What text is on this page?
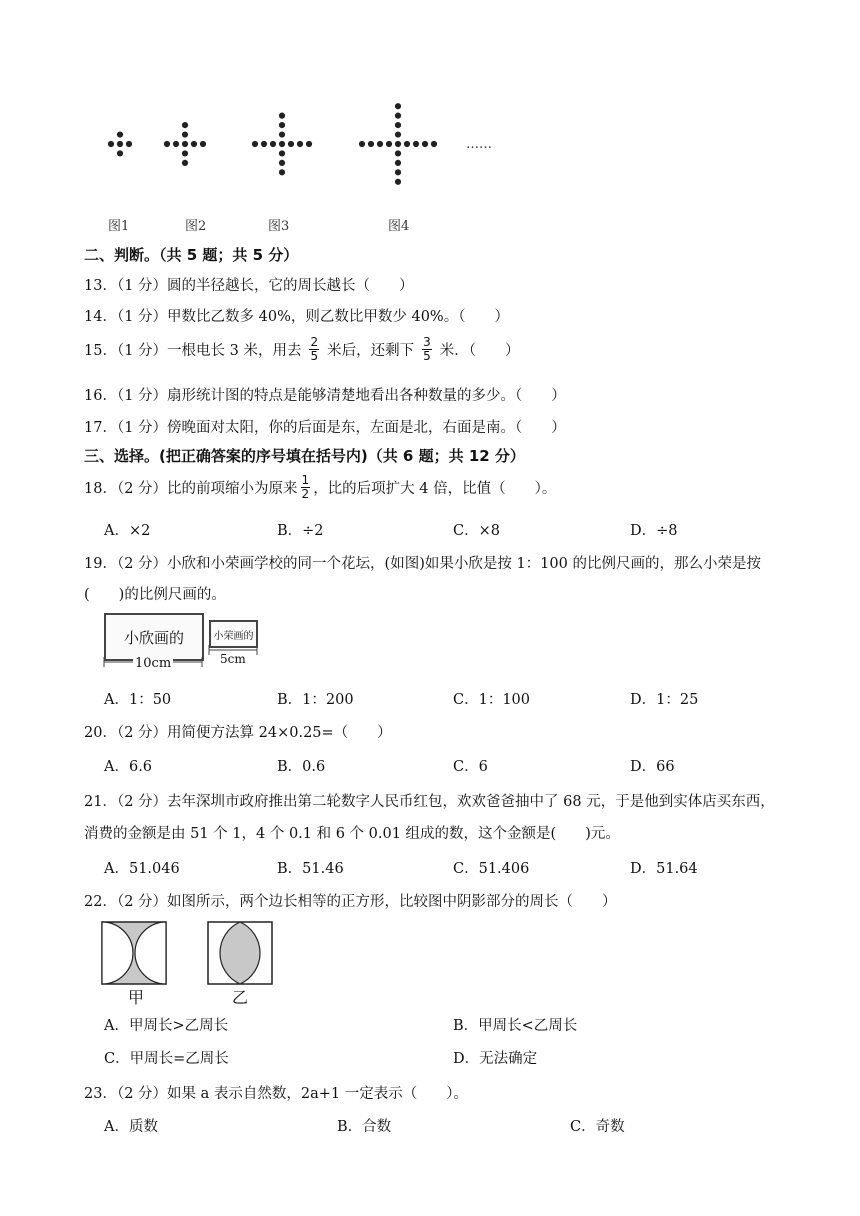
图1	图2	图3	图4
……
二、判断。（共 5 题；共 5 分）
13．（1 分）圆的半径越长，它的周长越长（　　）
14．（1 分）甲数比乙数多 40%，则乙数比甲数少 40%。（　　）
15．（1 分）一根电长 3 米，用去 $\frac{2}{5}$ 米后，还剩下 $\frac{3}{5}$ 米．（　　）
16．（1 分）扇形统计图的特点是能够清楚地看出各种数量的多少。（　　）
17．（1 分）傍晚面对太阳，你的后面是东，左面是北，右面是南。（　　）
三、选择。(把正确答案的序号填在括号内)（共 6 题；共 12 分）
18．（2 分）比的前项缩小为原来 $\frac{1}{2}$ ，比的后项扩大 4 倍，比值（　　）。
A．×2	B．÷2	C．×8	D．÷8
19．（2 分）小欣和小荣画学校的同一个花坛，(如图)如果小欣是按 1：100 的比例尺画的，那么小荣是按
(　　)的比例尺画的。
小欣画的
10cm
小荣画的
5cm
A．1：50	B．1：200	C．1：100	D．1：25
20．（2 分）用简便方法算 24×0.25=（　　）
A．6.6	B．0.6	C．6	D．66
21．（2 分）去年深圳市政府推出第二轮数字人民币红包，欢欢爸爸抽中了 68 元，于是他到实体店买东西，
消费的金额是由 51 个 1，4 个 0.1 和 6 个 0.01 组成的数，这个金额是(　　)元。
A．51.046	B．51.46	C．51.406	D．51.64
22．（2 分）如图所示，两个边长相等的正方形，比较图中阴影部分的周长（　　）
甲	乙
A．甲周长>乙周长	B．甲周长<乙周长
C．甲周长=乙周长	D．无法确定
23．（2 分）如果 a 表示自然数，2a+1 一定表示（　　）。
A．质数	B．合数	C．奇数
